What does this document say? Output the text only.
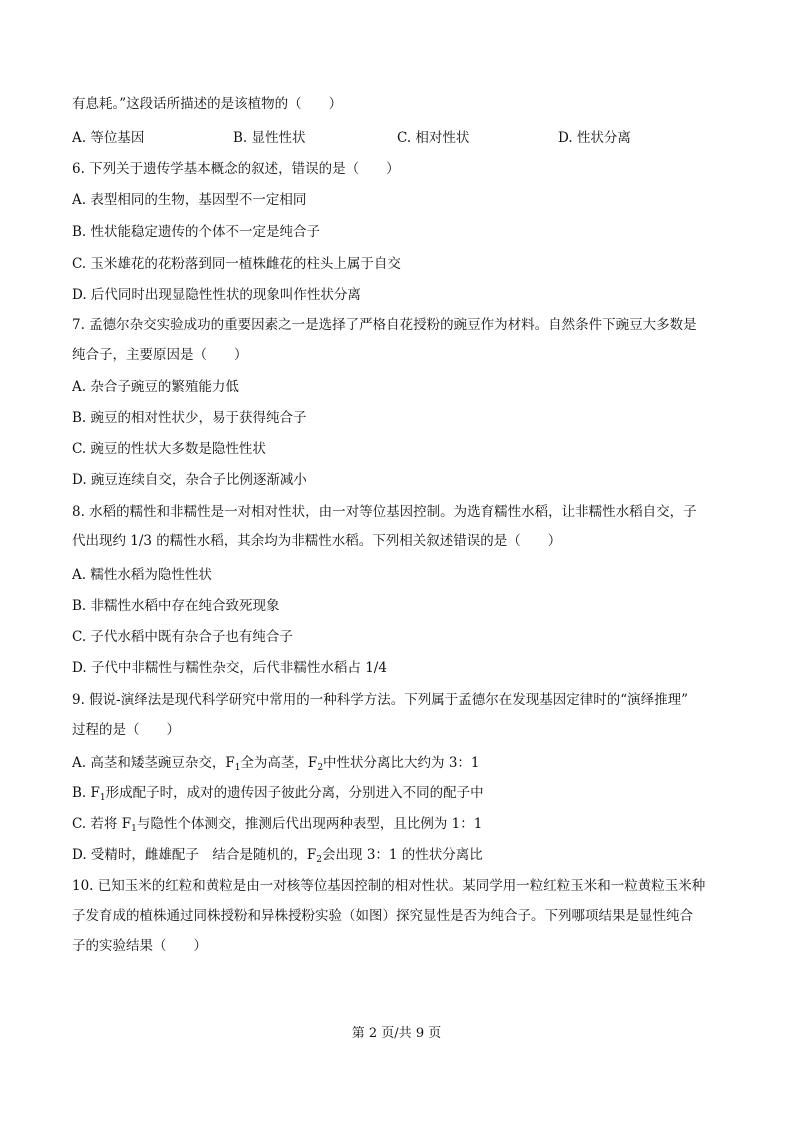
有息耗。”这段话所描述的是该植物的（　　）
A. 等位基因	B. 显性性状	C. 相对性状	D. 性状分离
6. 下列关于遗传学基本概念的叙述，错误的是（　　）
A. 表型相同的生物，基因型不一定相同
B. 性状能稳定遗传的个体不一定是纯合子
C. 玉米雄花的花粉落到同一植株雌花的柱头上属于自交
D. 后代同时出现显隐性性状的现象叫作性状分离
7. 孟德尔杂交实验成功的重要因素之一是选择了严格自花授粉的豌豆作为材料。自然条件下豌豆大多数是
纯合子，主要原因是（　　）
A. 杂合子豌豆的繁殖能力低
B. 豌豆的相对性状少，易于获得纯合子
C. 豌豆的性状大多数是隐性性状
D. 豌豆连续自交，杂合子比例逐渐减小
8. 水稻的糯性和非糯性是一对相对性状，由一对等位基因控制。为选育糯性水稻，让非糯性水稻自交，子
代出现约 1/3 的糯性水稻，其余均为非糯性水稻。下列相关叙述错误的是（　　）
A. 糯性水稻为隐性性状
B. 非糯性水稻中存在纯合致死现象
C. 子代水稻中既有杂合子也有纯合子
D. 子代中非糯性与糯性杂交，后代非糯性水稻占 1/4
9. 假说-演绎法是现代科学研究中常用的一种科学方法。下列属于孟德尔在发现基因定律时的“演绎推理”
过程的是（　　）
A. 高茎和矮茎豌豆杂交，$F_1$全为高茎，$F_2$中性状分离比大约为 3：1
B. $F_1$形成配子时，成对的遗传因子彼此分离，分别进入不同的配子中
C. 若将 $F_1$与隐性个体测交，推测后代出现两种表型，且比例为 1：1
D. 受精时，雌雄配子　结合是随机的，$F_2$会出现 3：1 的性状分离比
10. 已知玉米的红粒和黄粒是由一对核等位基因控制的相对性状。某同学用一粒红粒玉米和一粒黄粒玉米种
子发育成的植株通过同株授粉和异株授粉实验（如图）探究显性是否为纯合子。下列哪项结果是显性纯合
子的实验结果（　　）
第 2 页/共 9 页
